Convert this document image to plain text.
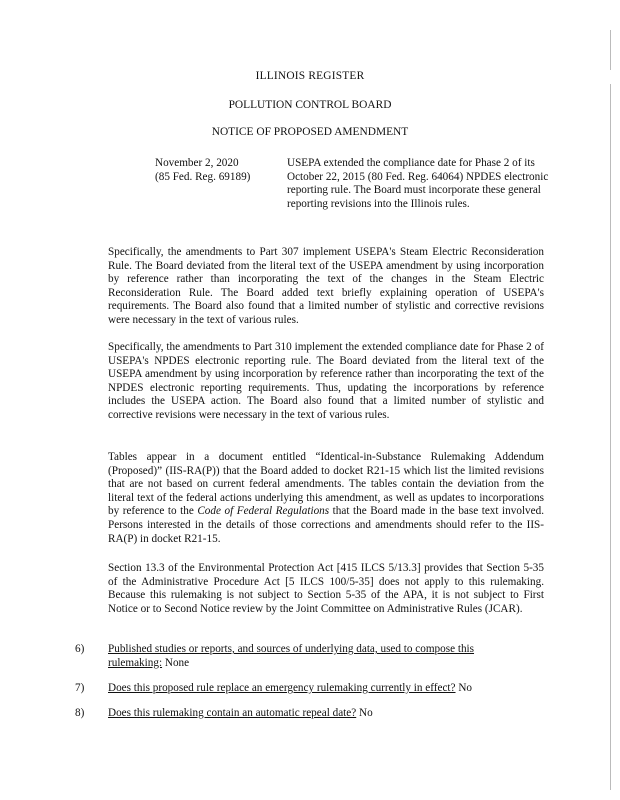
ILLINOIS REGISTER
POLLUTION CONTROL BOARD
NOTICE OF PROPOSED AMENDMENT
November 2, 2020
(85 Fed. Reg. 69189)
USEPA extended the compliance date for Phase 2 of its October 22, 2015 (80 Fed. Reg. 64064) NPDES electronic reporting rule. The Board must incorporate these general reporting revisions into the Illinois rules.
Specifically, the amendments to Part 307 implement USEPA's Steam Electric Reconsideration Rule. The Board deviated from the literal text of the USEPA amendment by using incorporation by reference rather than incorporating the text of the changes in the Steam Electric Reconsideration Rule. The Board added text briefly explaining operation of USEPA's requirements. The Board also found that a limited number of stylistic and corrective revisions were necessary in the text of various rules.
Specifically, the amendments to Part 310 implement the extended compliance date for Phase 2 of USEPA's NPDES electronic reporting rule. The Board deviated from the literal text of the USEPA amendment by using incorporation by reference rather than incorporating the text of the NPDES electronic reporting requirements. Thus, updating the incorporations by reference includes the USEPA action. The Board also found that a limited number of stylistic and corrective revisions were necessary in the text of various rules.
Tables appear in a document entitled “Identical-in-Substance Rulemaking Addendum (Proposed)” (IIS-RA(P)) that the Board added to docket R21-15 which list the limited revisions that are not based on current federal amendments. The tables contain the deviation from the literal text of the federal actions underlying this amendment, as well as updates to incorporations by reference to the Code of Federal Regulations that the Board made in the base text involved. Persons interested in the details of those corrections and amendments should refer to the IIS-RA(P) in docket R21-15.
Section 13.3 of the Environmental Protection Act [415 ILCS 5/13.3] provides that Section 5-35 of the Administrative Procedure Act [5 ILCS 100/5-35] does not apply to this rulemaking. Because this rulemaking is not subject to Section 5-35 of the APA, it is not subject to First Notice or to Second Notice review by the Joint Committee on Administrative Rules (JCAR).
6)	Published studies or reports, and sources of underlying data, used to compose this rulemaking: None
7)	Does this proposed rule replace an emergency rulemaking currently in effect? No
8)	Does this rulemaking contain an automatic repeal date? No
